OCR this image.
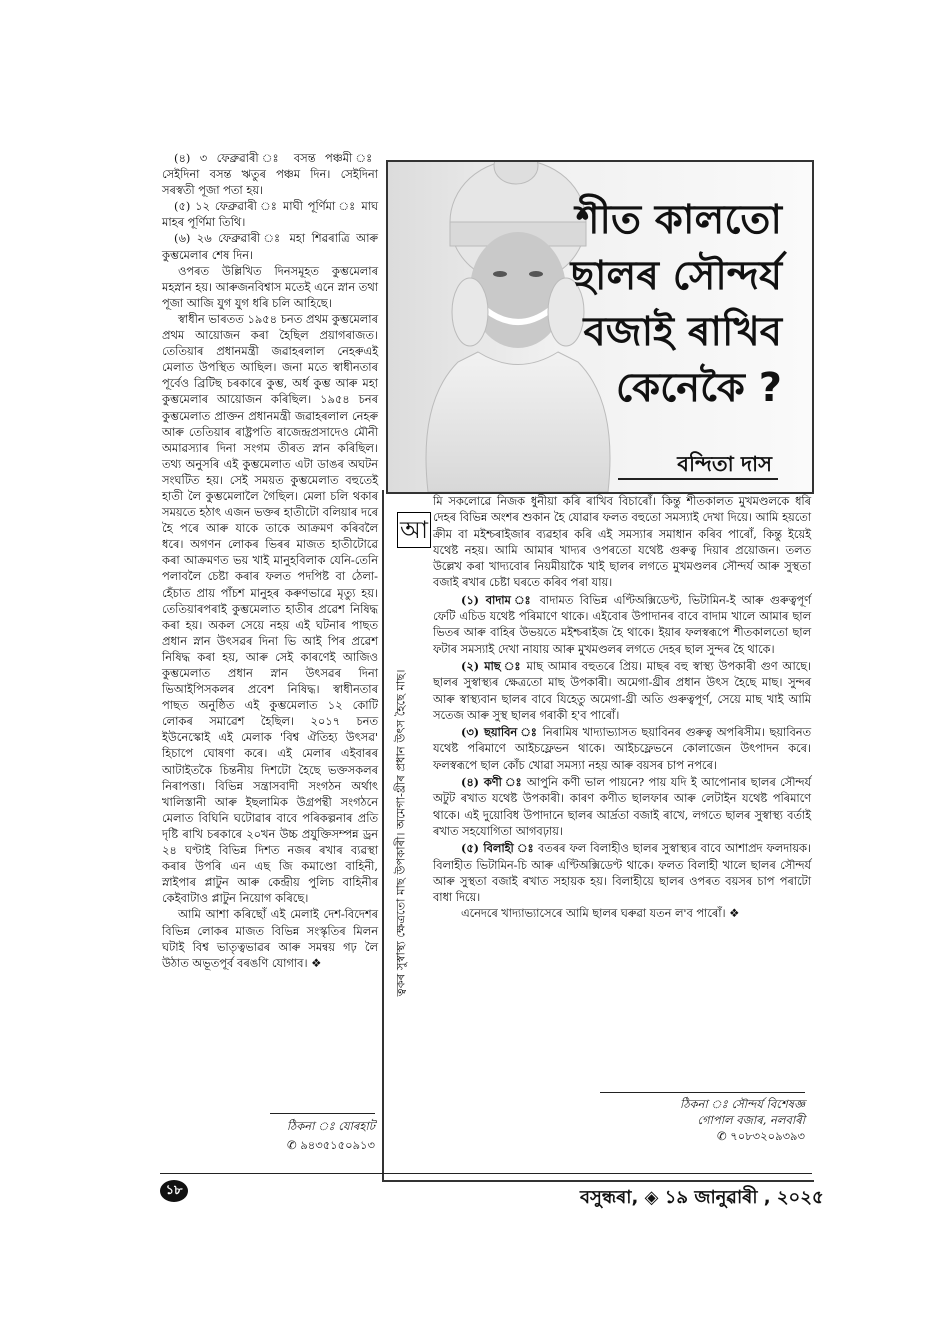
(৪) ৩ ফেব্ৰুৱাৰী ঃ বসন্ত পঞ্চমী ঃ সেইদিনা বসন্ত ঋতুৰ পঞ্চম দিন। সেইদিনা সৰস্বতী পূজা পতা হয়।

(৫) ১২ ফেব্ৰুৱাৰী ঃ মাঘী পূৰ্ণিমা ঃ মাঘ মাহৰ পূৰ্ণিমা তিথি।

(৬) ২৬ ফেব্ৰুৱাৰী ঃ মহা শিৱৰাত্ৰি আৰু কুম্ভমেলাৰ শেষ দিন।

ওপৰত উল্লিখিত দিনসমূহত কুম্ভমেলাৰ মহস্নান হয়। আৰুজনবিশ্বাস মতেই এনে স্নান তথা পূজা আজি যুগ যুগ ধৰি চলি আহিছে।

স্বাধীন ভাৰতত ১৯৫৪ চনত প্ৰথম কুম্ভমেলাৰ প্ৰথম আয়োজন কৰা হৈছিল প্ৰয়াগৰাজত। তেতিয়াৰ প্ৰধানমন্ত্ৰী জৱাহৰলাল নেহৰুএই মেলাত উপস্থিত আছিল। জনা মতে স্বাধীনতাৰ পূৰ্বেও ব্ৰিটিছ চৰকাৰে কুম্ভ, অৰ্ধ কুম্ভ আৰু মহা কুম্ভমেলাৰ আয়োজন কৰিছিল। ১৯৫৪ চনৰ কুম্ভমেলাত প্ৰাক্তন প্ৰধানমন্ত্ৰী জৱাহৰলাল নেহৰু আৰু তেতিয়াৰ ৰাষ্ট্ৰপতি ৰাজেন্দ্ৰপ্ৰসাদেও মৌনী অমাৱস্যাৰ দিনা সংগম তীৰত স্নান কৰিছিল। তথ্য অনুসৰি এই কুম্ভমেলাত এটা ডাঙৰ অঘটন সংঘটিত হয়। সেই সময়ত কুম্ভমেলাত বহুতেই হাতী লৈ কুম্ভমেলালৈ গৈছিল। মেলা চলি থকাৰ সময়তে হঠাৎ এজন ভক্তৰ হাতীটো বলিয়াৰ দৰে হৈ পৰে আৰু যাকে তাকে আক্ৰমণ কৰিবলৈ ধৰে। অগণন লোকৰ ভিৰৰ মাজত হাতীটোৱে কৰা আক্ৰমণত ভয় খাই মানুহবিলাক যেনি-তেনি পলাবলৈ চেষ্টা কৰাৰ ফলত পদপিষ্ট বা ঠেলা-হেঁচাত প্ৰায় পাঁচশ মানুহৰ কৰুণভাৱে মৃত্যু হয়। তেতিয়াৰপৰাই কুম্ভমেলাত হাতীৰ প্ৰৱেশ নিষিদ্ধ কৰা হয়। অকল সেয়ে নহয় এই ঘটনাৰ পাছত প্ৰধান স্নান উৎসৱৰ দিনা ভি আই পিৰ প্ৰৱেশ নিষিদ্ধ কৰা হয়, আৰু সেই কাৰণেই আজিও কুম্ভমেলাত প্ৰধান স্নান উৎসৱৰ দিনা ভিআইপিসকলৰ প্ৰবেশ নিষিদ্ধ। স্বাধীনতাৰ পাছত অনুষ্ঠিত এই কুম্ভমেলাত ১২ কোটি লোকৰ সমাৱেশ হৈছিল। ২০১৭ চনত ইউনেস্কোই এই মেলাক 'বিশ্ব ঐতিহ্য উৎসৱ' হিচাপে ঘোষণা কৰে। এই মেলাৰ এইবাৰৰ আটাইতকৈ চিন্তনীয় দিশটো হৈছে ভক্তসকলৰ নিৰাপত্তা। বিভিন্ন সন্ত্ৰাসবাদী সংগঠন অৰ্থাৎ খালিস্তানী আৰু ইছলামিক উগ্ৰপন্থী সংগঠনে মেলাত বিঘিনি ঘটোৱাৰ বাবে পৰিকল্পনাৰ প্ৰতি দৃষ্টি ৰাখি চৰকাৰে ২০খন উচ্চ প্ৰযুক্তিসম্পন্ন ড্ৰন ২৪ ঘণ্টাই বিভিন্ন দিশত নজৰ ৰখাৰ ব্যৱস্থা কৰাৰ উপৰি এন এছ জি কমাণ্ডো বাহিনী, স্নাইপাৰ প্লাটুন আৰু কেন্দ্ৰীয় পুলিচ বাহিনীৰ কেইবাটাও প্লাটুন নিয়োগ কৰিছে।

আমি আশা কৰিছোঁ এই মেলাই দেশ-বিদেশৰ বিভিন্ন লোকৰ মাজত বিভিন্ন সংস্কৃতিৰ মিলন ঘটাই বিশ্ব ভাতৃত্বভাৱৰ আৰু সমন্বয় গঢ় লৈ উঠাত অভূতপূৰ্ব বৰঙণি যোগাব। ❖

ঠিকনা ঃ যোৰহাট
✆ ৯৪৩৫১৫০৯১৩
শীত কালতো
ছালৰ সৌন্দৰ্য
বজাই ৰাখিব
কেনেকৈ ?
বন্দিতা দাস
ত্বকৰ সুস্বাস্থ্য ক্ষেত্ৰতো মাছ উপকাৰী। অমেগা-থ্ৰীৰ প্ৰধান উৎস হৈছে মাছ।
আ

মি সকলোৱে নিজক ধুনীয়া কৰি ৰাখিব বিচাৰোঁ। কিন্তু শীতকালত মুখমণ্ডলকে ধৰি দেহৰ বিভিন্ন অংশৰ শুকান হৈ যোৱাৰ ফলত বহুতো সমস্যাই দেখা দিয়ে। আমি হয়তো ক্ৰীম বা মইশ্চৰাইজাৰ ব্যৱহাৰ কৰি এই সমস্যাৰ সমাধান কৰিব পাৰোঁ, কিন্তু ইয়েই যথেষ্ট নহয়। আমি আমাৰ খাদ্যৰ ওপৰতো যথেষ্ট গুৰুত্ব দিয়াৰ প্ৰয়োজন। তলত উল্লেখ কৰা খাদ্যবোৰ নিয়মীয়াকৈ খাই ছালৰ লগতে মুখমণ্ডলৰ সৌন্দৰ্য আৰু সুস্থতা বজাই ৰখাৰ চেষ্টা ঘৰতে কৰিব পৰা যায়।

(১) বাদাম ঃ বাদামত বিভিন্ন এণ্টিঅক্সিডেণ্ট, ভিটামিন-ই আৰু গুৰুত্বপূৰ্ণ ফেটি এচিড যথেষ্ট পৰিমাণে থাকে। এইবোৰ উপাদানৰ বাবে বাদাম খালে আমাৰ ছাল ভিতৰ আৰু বাহিৰ উভয়তে মইশ্চৰাইজ হৈ থাকে। ইয়াৰ ফলস্বৰূপে শীতকালতো ছাল ফটাৰ সমস্যাই দেখা নাযায় আৰু মুখমণ্ডলৰ লগতে দেহৰ ছাল সুন্দৰ হৈ থাকে।

(২) মাছ ঃ মাছ আমাৰ বহুতৰে প্ৰিয়। মাছৰ বহু স্বাস্থ্য উপকাৰী গুণ আছে। ছালৰ সুস্বাস্থ্যৰ ক্ষেত্ৰতো মাছ উপকাৰী। অমেগা-থ্ৰীৰ প্ৰধান উৎস হৈছে মাছ। সুন্দৰ আৰু স্বাস্থ্যবান ছালৰ বাবে যিহেতু অমেগা-থ্ৰী অতি গুৰুত্বপূৰ্ণ, সেয়ে মাছ খাই আমি সতেজ আৰু সুস্থ ছালৰ গৰাকী হ'ব পাৰোঁ।

(৩) ছয়াবিন ঃ নিৰামিষ খাদ্যাভ্যাসত ছয়াবিনৰ গুৰুত্ব অপৰিসীম। ছয়াবিনত যথেষ্ট পৰিমাণে আইচফ্লেভন থাকে। আইচফ্লেভনে কোলাজেন উৎপাদন কৰে। ফলস্বৰূপে ছাল কোঁচ খোৱা সমস্যা নহয় আৰু বয়সৰ চাপ নপৰে।

(৪) কণী ঃ আপুনি কণী ভাল পায়নে? পায় যদি ই আপোনাৰ ছালৰ সৌন্দৰ্য অটুট ৰখাত যথেষ্ট উপকাৰী। কাৰণ কণীত ছালফাৰ আৰু লেটাইন যথেষ্ট পৰিমাণে থাকে। এই দুয়োবিধ উপাদানে ছালৰ আৰ্দ্ৰতা বজাই ৰাখে, লগতে ছালৰ সুস্বাস্থ্য বৰ্তাই ৰখাত সহযোগিতা আগবঢ়ায়।

(৫) বিলাহী ঃ বতৰৰ ফল বিলাহীও ছালৰ সুস্বাস্থ্যৰ বাবে আশাপ্ৰদ ফলদায়ক। বিলাহীত ভিটামিন-চি আৰু এণ্টিঅক্সিডেণ্ট থাকে। ফলত বিলাহী খালে ছালৰ সৌন্দৰ্য আৰু সুস্থতা বজাই ৰখাত সহায়ক হয়। বিলাহীয়ে ছালৰ ওপৰত বয়সৰ চাপ পৰাটো বাধা দিয়ে।

এনেদৰে খাদ্যাভ্যাসেৰে আমি ছালৰ ঘৰুৱা যতন ল'ব পাৰোঁ। ❖

ঠিকনা ঃ সৌন্দৰ্য বিশেষজ্ঞ
গোপাল বজাৰ, নলবাৰী
✆ ৭০৮৩২০৯৩৯৩
১৮	বসুন্ধৰা, ◈ ১৯ জানুৱাৰী , ২০২৫
